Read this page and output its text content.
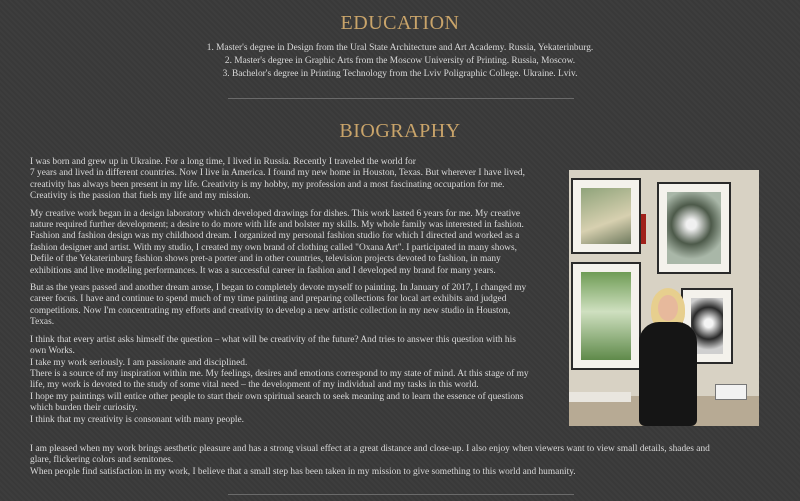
EDUCATION
1. Master's degree in Design from the Ural State Architecture and Art Academy. Russia, Yekaterinburg.
2. Master's degree in Graphic Arts from the Moscow University of Printing. Russia, Moscow.
3. Bachelor's degree in Printing Technology from the Lviv Poligraphic College. Ukraine. Lviv.
BIOGRAPHY

I was born and grew up in Ukraine. For a long time, I lived in Russia. Recently I traveled the world for
7 years and lived in different countries. Now I live in America. I found my new home in Houston, Texas. But wherever I have lived,
creativity has always been present in my life. Creativity is my hobby, my profession and a most fascinating occupation for me.
Creativity is the passion that fuels my life and my mission.

My creative work began in a design laboratory which developed drawings for dishes. This work lasted 6 years for me. My creative
nature required further development; a desire to do more with life and bolster my skills. My whole family was interested in fashion.
Fashion and fashion design was my childhood dream. I organized my personal fashion studio for which I directed and worked as a
fashion designer and artist. With my studio, I created my own brand of clothing called "Oxana Art". I participated in many shows,
Defile of the Yekaterinburg fashion shows pret-a porter and in other countries, television projects devoted to fashion, in many
exhibitions and live modeling performances. It was a successful career in fashion and I developed my brand for many years.

But as the years passed and another dream arose, I began to completely devote myself to painting. In January of 2017, I changed my
career focus. I have and continue to spend much of my time painting and preparing collections for local art exhibits and judged
competitions. Now I'm concentrating my efforts and creativity to develop a new artistic collection in my new studio in Houston,
Texas.

I think that every artist asks himself the question – what will be creativity of the future? And tries to answer this question with his
own Works.
I take my work seriously. I am passionate and disciplined.
There is a source of my inspiration within me. My feelings, desires and emotions correspond to my state of mind. At this stage of my
life, my work is devoted to the study of some vital need – the development of my individual and my tasks in this world.
I hope my paintings will entice other people to start their own spiritual search to seek meaning and to learn the essence of questions
which burden their curiosity.
I think that my creativity is consonant with many people.

I am pleased when my work brings aesthetic pleasure and has a strong visual effect at a great distance and close-up. I also enjoy when viewers want to view small details, shades and
glare, flickering colors and semitones.
When people find satisfaction in my work, I believe that a small step has been taken in my mission to give something to this world and humanity.
